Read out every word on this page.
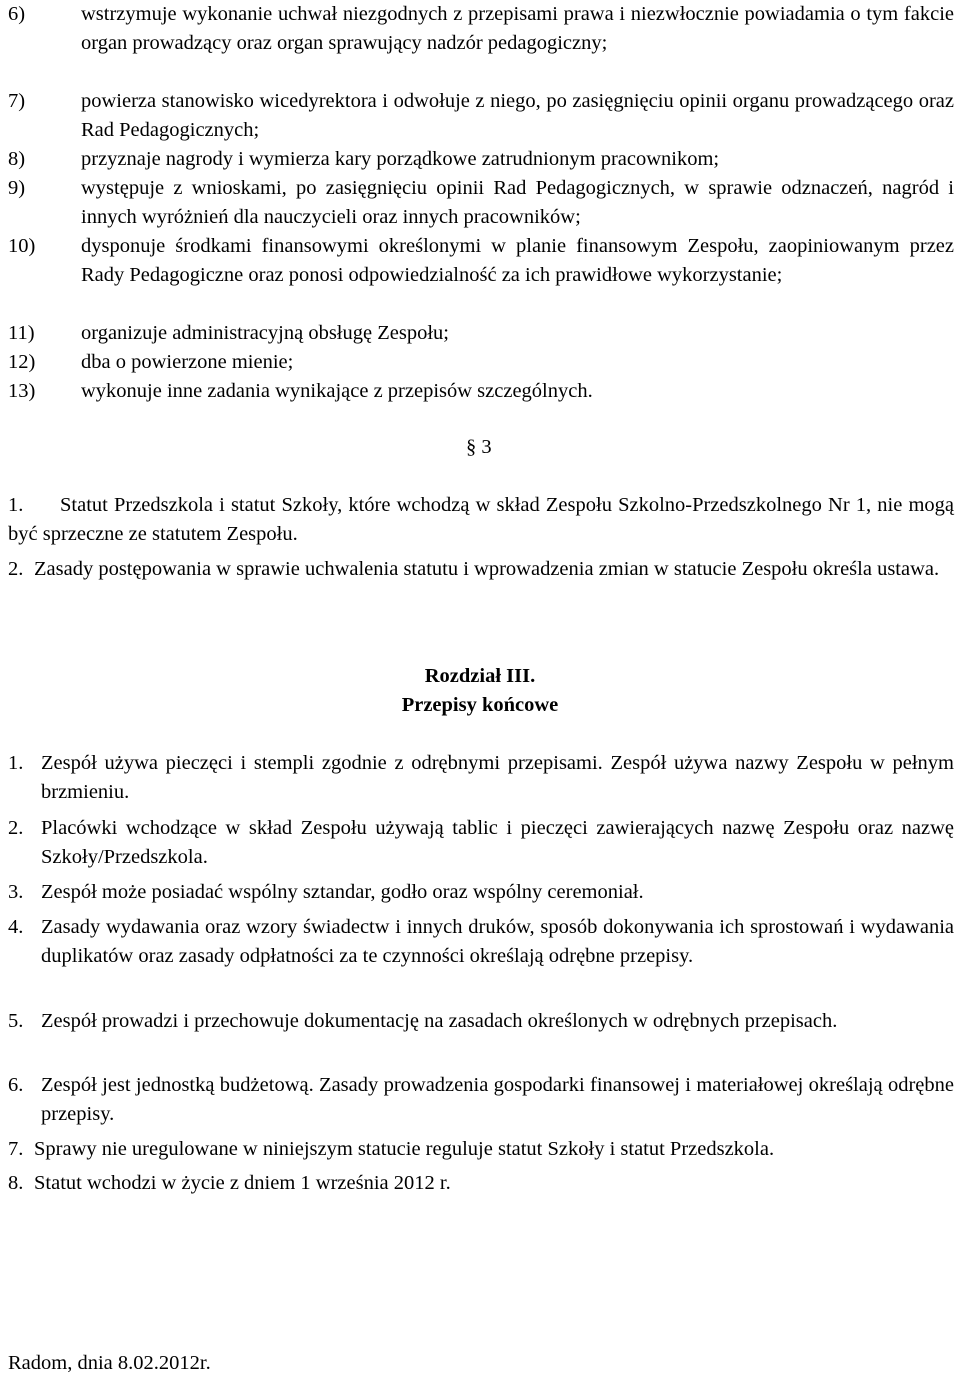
6)	wstrzymuje wykonanie uchwał niezgodnych z przepisami prawa i niezwłocznie powiadamia o tym fakcie organ prowadzący oraz organ sprawujący nadzór pedagogiczny;
7)	powierza stanowisko wicedyrektora i odwołuje z niego, po zasięgnięciu opinii organu prowadzącego oraz Rad Pedagogicznych;
8)	przyznaje nagrody i wymierza kary porządkowe zatrudnionym pracownikom;
9)	występuje z wnioskami, po zasięgnięciu opinii Rad Pedagogicznych, w sprawie odznaczeń, nagród i innych wyróżnień dla nauczycieli oraz innych pracowników;
10)	dysponuje środkami finansowymi określonymi w planie finansowym Zespołu, zaopiniowanym przez Rady Pedagogiczne oraz ponosi odpowiedzialność za ich prawidłowe wykorzystanie;
11)	organizuje administracyjną obsługę Zespołu;
12)	dba o powierzone mienie;
13)	wykonuje inne zadania wynikające z przepisów szczególnych.
§ 3
1.	Statut Przedszkola i statut Szkoły, które wchodzą w skład Zespołu Szkolno-Przedszkolnego Nr 1, nie mogą być sprzeczne ze statutem Zespołu.
2. Zasady postępowania w sprawie uchwalenia statutu i wprowadzenia zmian w statucie Zespołu określa ustawa.
Rozdział III.
Przepisy końcowe
1. Zespół używa pieczęci i stempli zgodnie z odrębnymi przepisami. Zespół używa nazwy Zespołu w pełnym brzmieniu.
2. Placówki wchodzące w skład Zespołu używają tablic i pieczęci zawierających nazwę Zespołu oraz nazwę Szkoły/Przedszkola.
3. Zespół może posiadać wspólny sztandar, godło oraz wspólny ceremoniał.
4. Zasady wydawania oraz wzory świadectw i innych druków, sposób dokonywania ich sprostowań i wydawania duplikatów oraz zasady odpłatności za te czynności określają odrębne przepisy.
5. Zespół prowadzi i przechowuje dokumentację na zasadach określonych w odrębnych przepisach.
6. Zespół jest jednostką budżetową. Zasady prowadzenia gospodarki finansowej i materiałowej określają odrębne przepisy.
7. Sprawy nie uregulowane w niniejszym statucie reguluje statut Szkoły i statut Przedszkola.
8. Statut wchodzi w życie z dniem 1 września 2012 r.
Radom, dnia 8.02.2012r.
